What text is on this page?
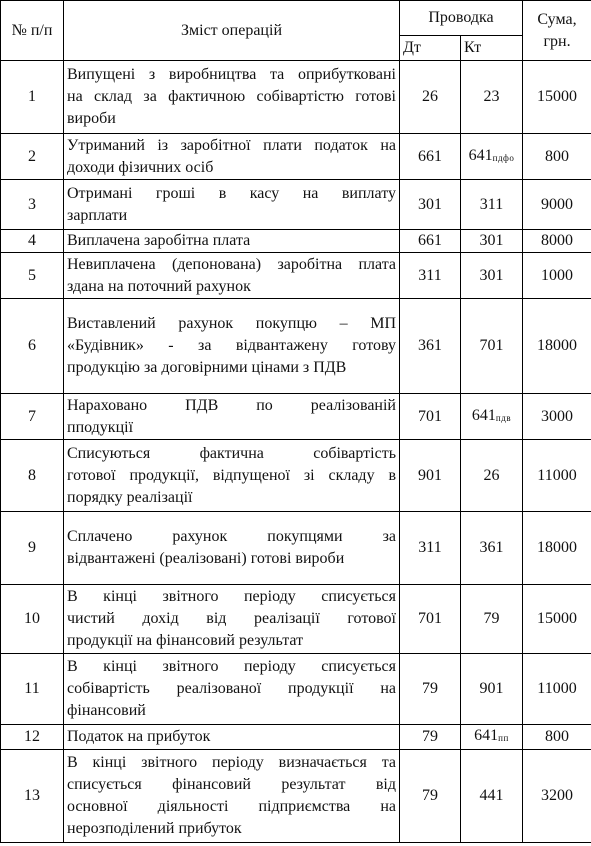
№ п/п	Зміст операцій	Проводка		Сума, грн.

		Дт	Кт	
1	Випущені з виробництва та оприбутковані
на склад за фактичною собівартістю готові
вироби	26	23	15000
2	Утриманий із заробітної плати податок на
доходи фізичних осіб	661	$641_{пдфо}$	800
3	Отримані гроші в касу на виплату
зарплати	301	311	9000
4	Виплачена заробітна плата	661	301	8000
5	Невиплачена (депонована) заробітна плата
здана на поточний рахунок	311	301	1000
6	Виставлений рахунок покупцю – МП
«Будівник» - за відвантажену готову
продукцію за договірними цінами з ПДВ	361	701	18000
7	Нараховано ПДВ по реалізованій
пподукції	701	$641_{пдв}$	3000
8	Списуються фактична собівартість
готової продукції, відпущеної зі складу в
порядку реалізації	901	26	11000
9	Сплачено рахунок покупцями за
відвантажені (реалізовані) готові вироби	311	361	18000
10	В кінці звітного періоду списується
чистий дохід від реалізації готової
продукції на фінансовий результат	701	79	15000
11	В кінці звітного періоду списується
собівартість реалізованої продукції на
фінансовий	79	901	11000
12	Податок на прибуток	79	$641_{пп}$	800
13	В кінці звітного періоду визначається та
списується фінансовий результат від
основної діяльності підприємства на
нерозподілений прибуток	79	441	3200
